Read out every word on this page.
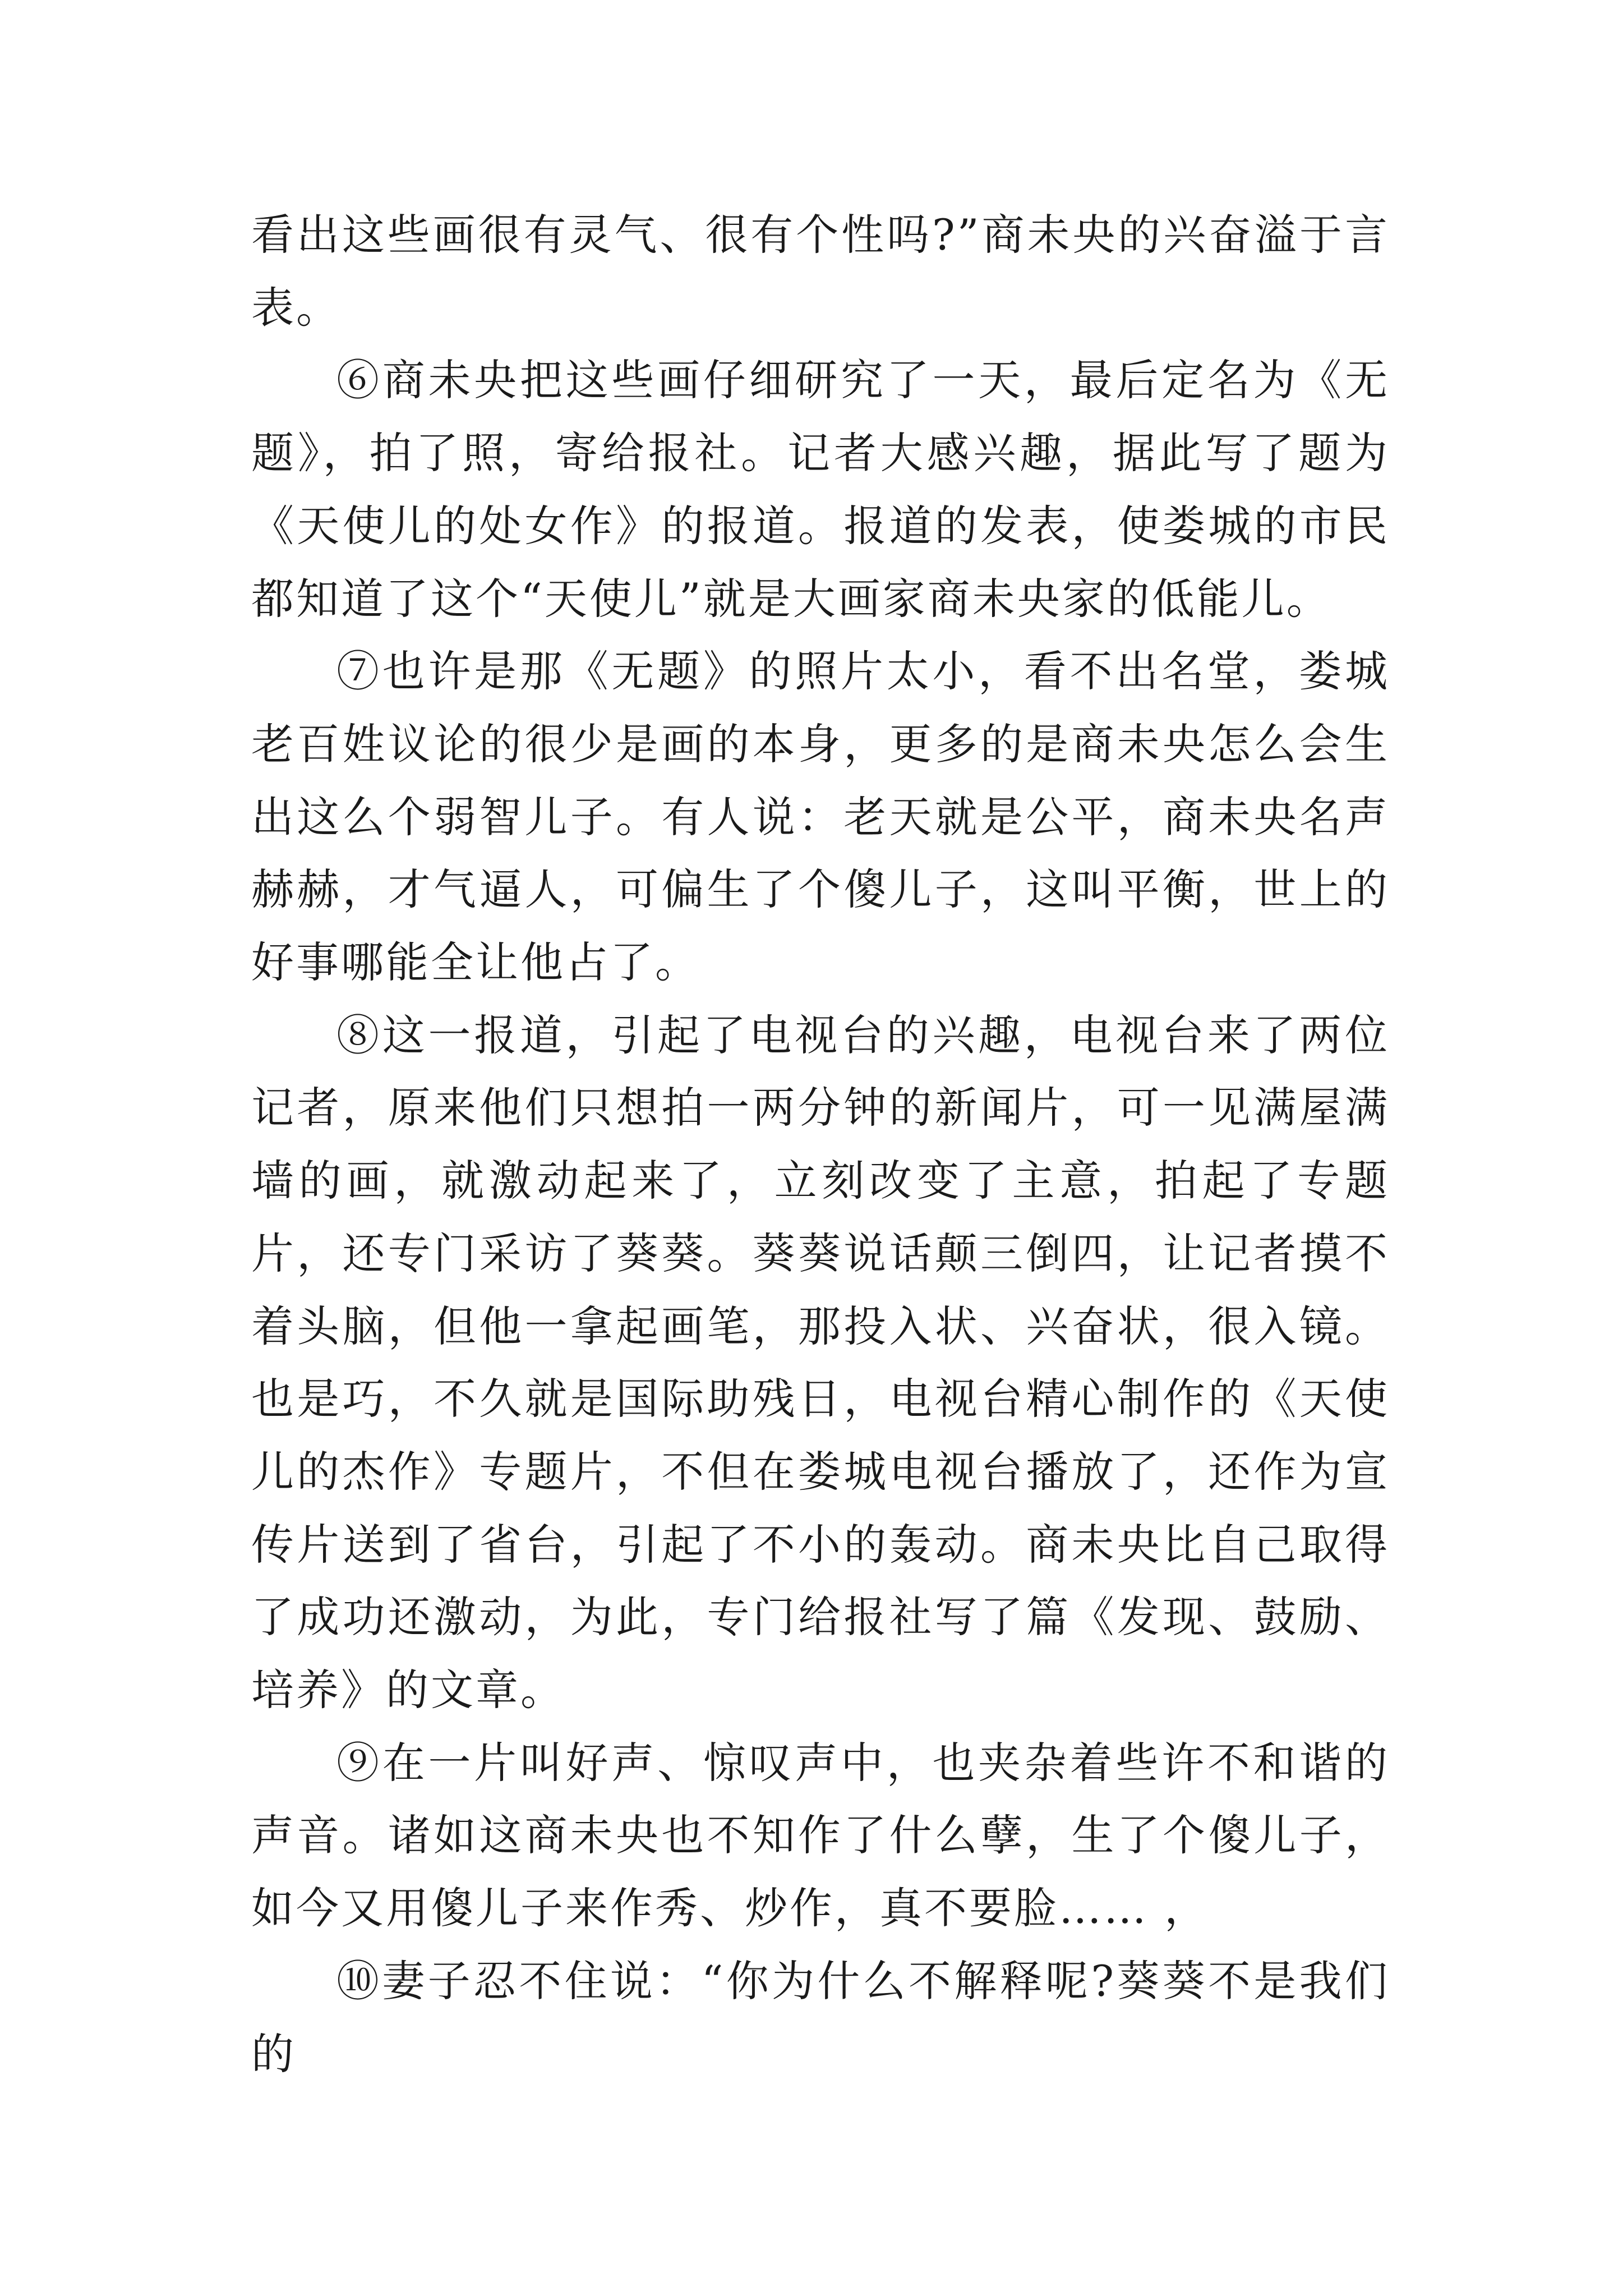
看出这些画很有灵气、很有个性吗?”商未央的兴奋溢于言表。

⑥商未央把这些画仔细研究了一天，最后定名为《无题》，拍了照，寄给报社。记者大感兴趣，据此写了题为《天使儿的处女作》的报道。报道的发表，使娄城的市民都知道了这个“天使儿”就是大画家商未央家的低能儿。

⑦也许是那《无题》的照片太小，看不出名堂，娄城老百姓议论的很少是画的本身，更多的是商未央怎么会生出这么个弱智儿子。有人说：老天就是公平，商未央名声赫赫，才气逼人，可偏生了个傻儿子，这叫平衡，世上的好事哪能全让他占了。

⑧这一报道，引起了电视台的兴趣，电视台来了两位记者，原来他们只想拍一两分钟的新闻片，可一见满屋满墙的画，就激动起来了，立刻改变了主意，拍起了专题片，还专门采访了葵葵。葵葵说话颠三倒四，让记者摸不着头脑，但他一拿起画笔，那投入状、兴奋状，很入镜。也是巧，不久就是国际助残日，电视台精心制作的《天使儿的杰作》专题片，不但在娄城电视台播放了，还作为宣传片送到了省台，引起了不小的轰动。商未央比自己取得了成功还激动，为此，专门给报社写了篇《发现、鼓励、培养》的文章。

⑨在一片叫好声、惊叹声中，也夹杂着些许不和谐的声音。诸如这商未央也不知作了什么孽，生了个傻儿子，如今又用傻儿子来作秀、炒作，真不要脸…… ，

⑩妻子忍不住说：“你为什么不解释呢?葵葵不是我们的
